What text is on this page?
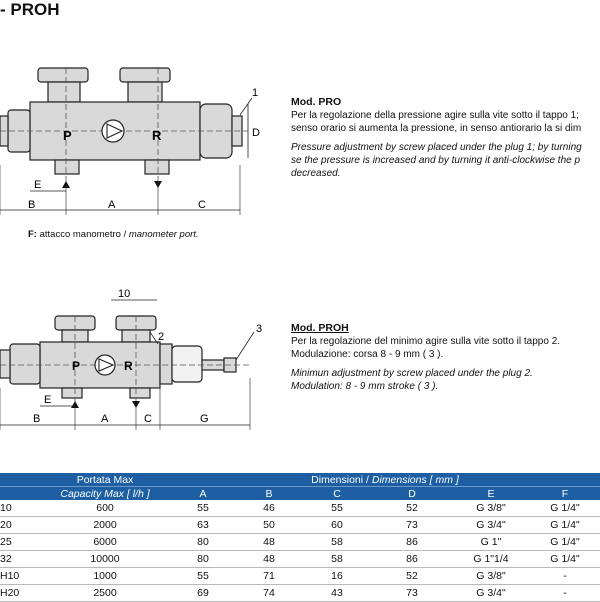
- PROH
P	R
1
D
E
B	A	C
F: attacco manometro / manometer port.

Mod. PRO

Per la regolazione della pressione agire sulla vite sotto il tappo 1;

senso orario si aumenta la pressione, in senso antiorario la si dim

Pressure adjustment by screw placed under the plug 1; by turning

se the pressure is increased and by turning it anti-clockwise the p

decreased.

P	R
10
2
3
E
B	A	C	G

Mod. PROH

Per la regolazione del minimo agire sulla vite sotto il tappo 2.

Modulazione: corsa 8 - 9 mm ( 3 ).

Minimun adjustment by screw placed under the plug 2.

Modulation: 8 - 9 mm stroke ( 3 ).

	Portata Max	Dimensioni / Dimensions [ mm ]					
	Capacity Max [ l/h ]	A	B	C	D	E	F
10	600	55	46	55	52	G 3/8"	G 1/4"
20	2000	63	50	60	73	G 3/4"	G 1/4"
25	6000	80	48	58	86	G 1"	G 1/4"
32	10000	80	48	58	86	G 1"1/4	G 1/4"
H10	1000	55	71	16	52	G 3/8"	-
H20	2500	69	74	43	73	G 3/4"	-
